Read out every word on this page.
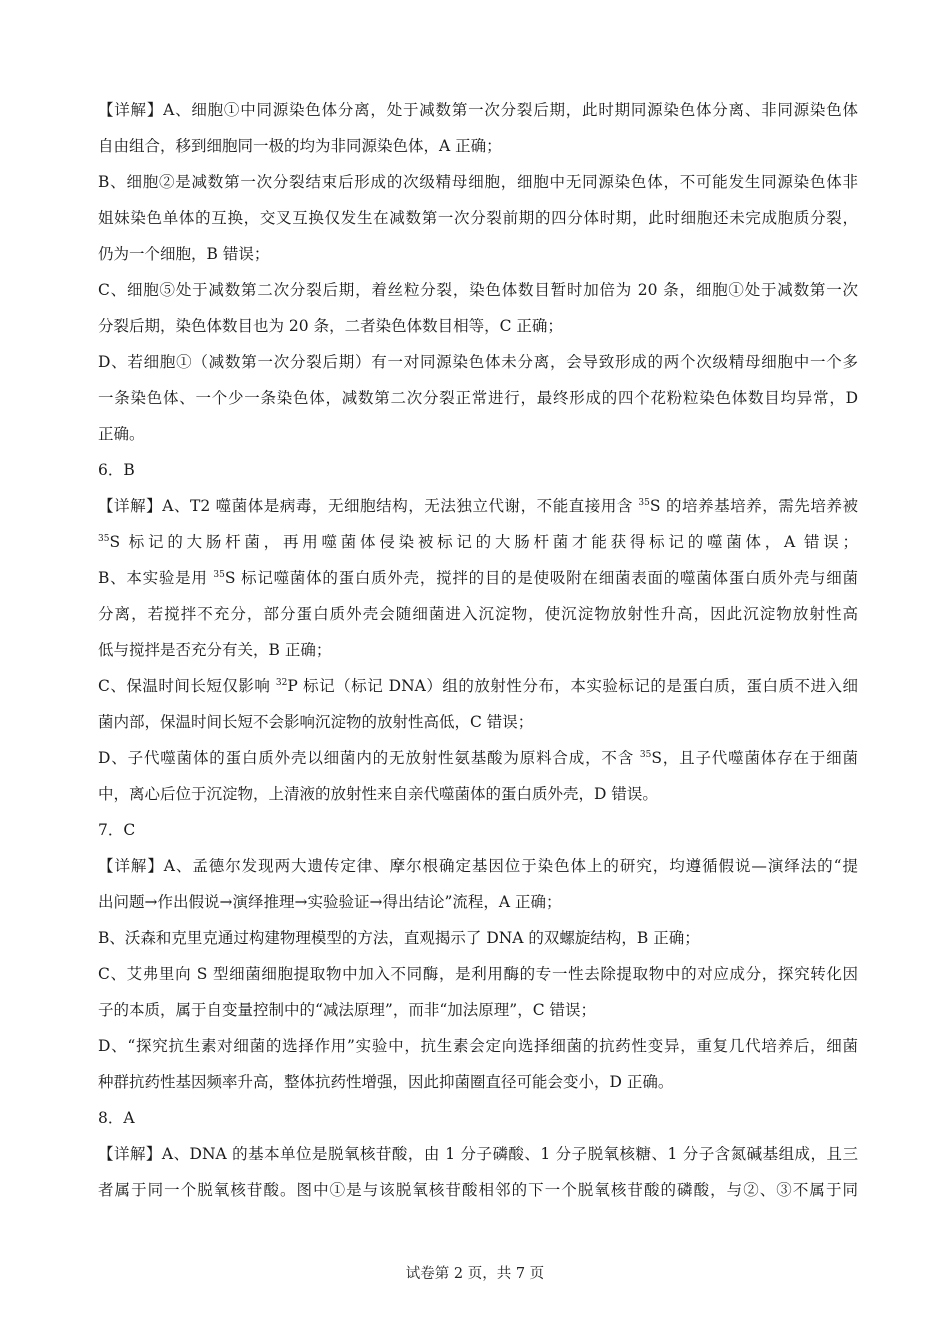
【详解】A、细胞①中同源染色体分离，处于减数第一次分裂后期，此时期同源染色体分离、非同源染色体
自由组合，移到细胞同一极的均为非同源染色体，A 正确；
B、细胞②是减数第一次分裂结束后形成的次级精母细胞，细胞中无同源染色体，不可能发生同源染色体非
姐妹染色单体的互换，交叉互换仅发生在减数第一次分裂前期的四分体时期，此时细胞还未完成胞质分裂，
仍为一个细胞，B 错误；
C、细胞⑤处于减数第二次分裂后期，着丝粒分裂，染色体数目暂时加倍为 20 条，细胞①处于减数第一次
分裂后期，染色体数目也为 20 条，二者染色体数目相等，C 正确；
D、若细胞①（减数第一次分裂后期）有一对同源染色体未分离，会导致形成的两个次级精母细胞中一个多
一条染色体、一个少一条染色体，减数第二次分裂正常进行，最终形成的四个花粉粒染色体数目均异常，D
正确。
6．B
【详解】A、T2 噬菌体是病毒，无细胞结构，无法独立代谢，不能直接用含 $^{35}$S 的培养基培养，需先培养被
$^{35}$S 标记的大肠杆菌，再用噬菌体侵染被标记的大肠杆菌才能获得标记的噬菌体，A 错误；
B、本实验是用 $^{35}$S 标记噬菌体的蛋白质外壳，搅拌的目的是使吸附在细菌表面的噬菌体蛋白质外壳与细菌
分离，若搅拌不充分，部分蛋白质外壳会随细菌进入沉淀物，使沉淀物放射性升高，因此沉淀物放射性高
低与搅拌是否充分有关，B 正确；
C、保温时间长短仅影响 $^{32}$P 标记（标记 DNA）组的放射性分布，本实验标记的是蛋白质，蛋白质不进入细
菌内部，保温时间长短不会影响沉淀物的放射性高低，C 错误；
D、子代噬菌体的蛋白质外壳以细菌内的无放射性氨基酸为原料合成，不含 $^{35}$S，且子代噬菌体存在于细菌
中，离心后位于沉淀物，上清液的放射性来自亲代噬菌体的蛋白质外壳，D 错误。
7．C
【详解】A、孟德尔发现两大遗传定律、摩尔根确定基因位于染色体上的研究，均遵循假说—演绎法的“提
出问题→作出假说→演绎推理→实验验证→得出结论”流程，A 正确；
B、沃森和克里克通过构建物理模型的方法，直观揭示了 DNA 的双螺旋结构，B 正确；
C、艾弗里向 S 型细菌细胞提取物中加入不同酶，是利用酶的专一性去除提取物中的对应成分，探究转化因
子的本质，属于自变量控制中的“减法原理”，而非“加法原理”，C 错误；
D、“探究抗生素对细菌的选择作用”实验中，抗生素会定向选择细菌的抗药性变异，重复几代培养后，细菌
种群抗药性基因频率升高，整体抗药性增强，因此抑菌圈直径可能会变小，D 正确。
8．A
【详解】A、DNA 的基本单位是脱氧核苷酸，由 1 分子磷酸、1 分子脱氧核糖、1 分子含氮碱基组成，且三
者属于同一个脱氧核苷酸。图中①是与该脱氧核苷酸相邻的下一个脱氧核苷酸的磷酸，与②、③不属于同
试卷第 2 页，共 7 页
